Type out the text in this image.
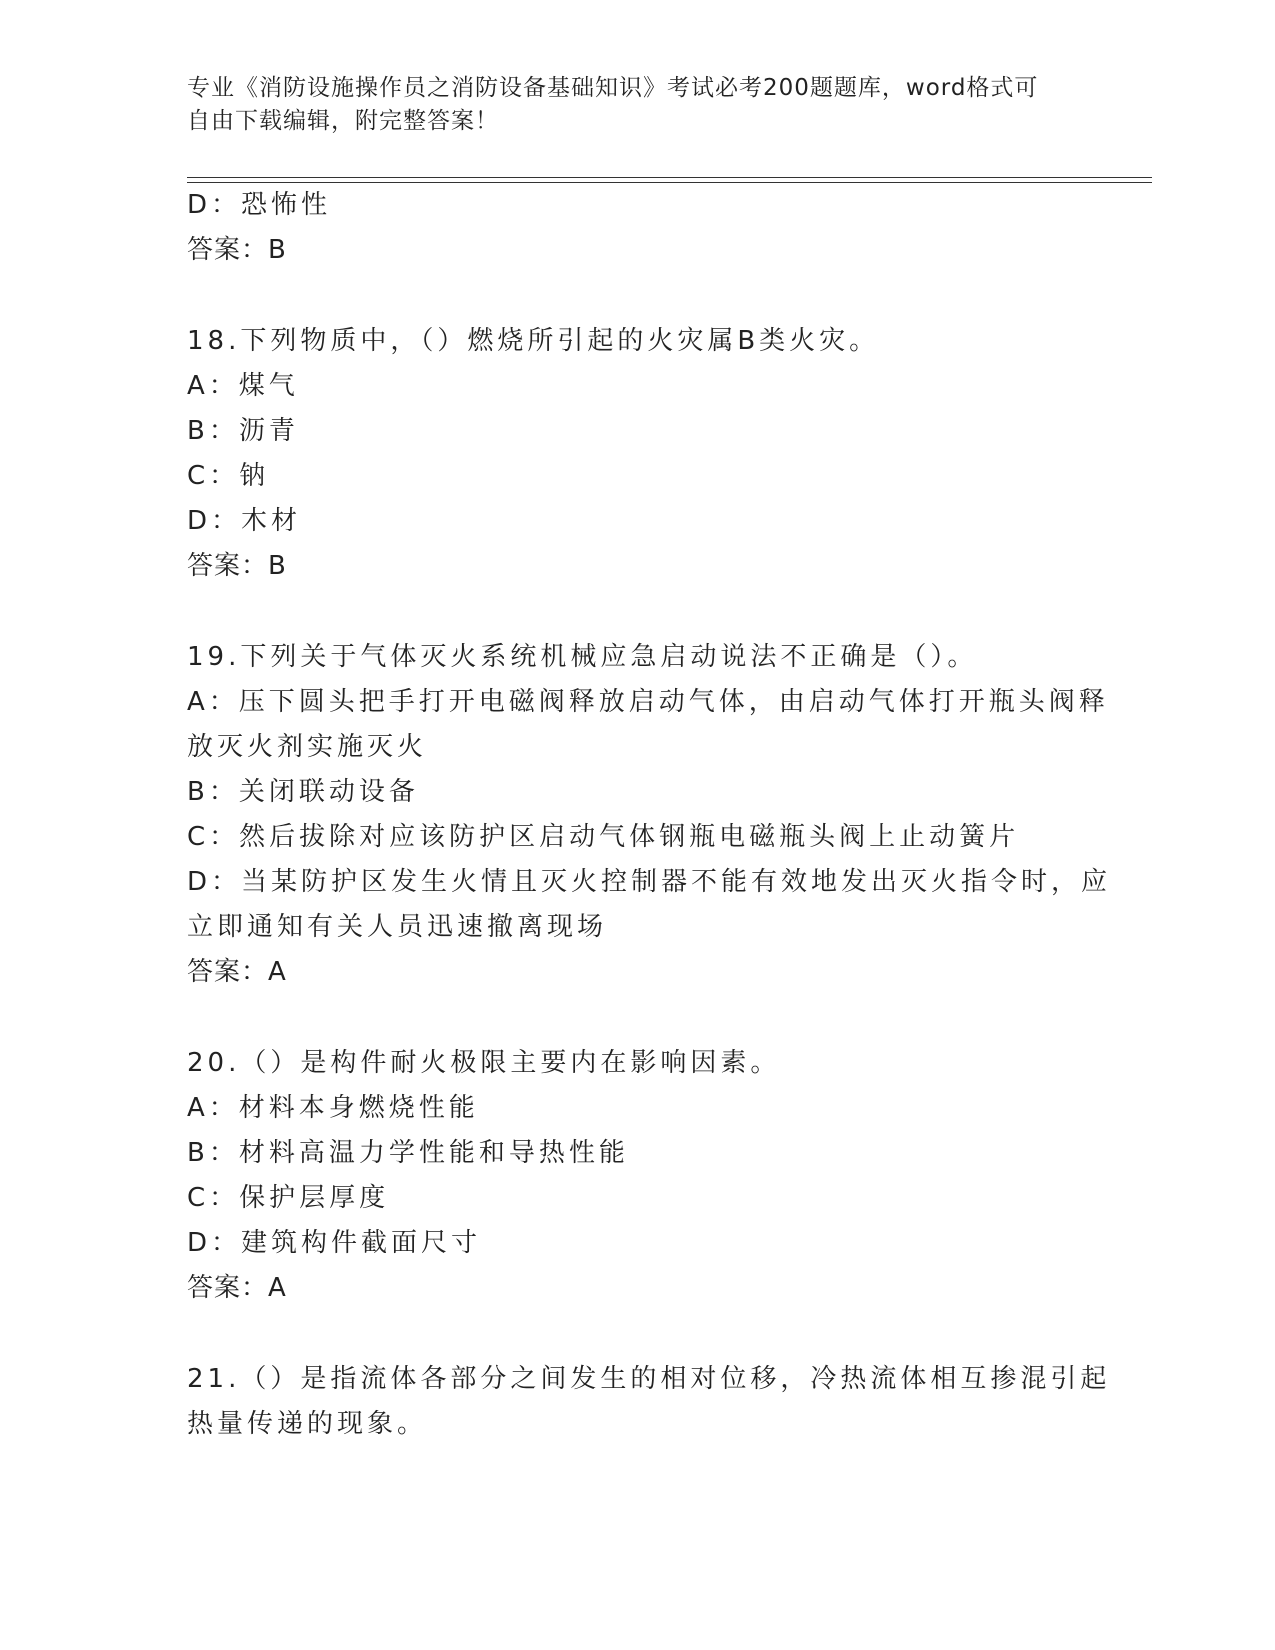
专业《消防设施操作员之消防设备基础知识》考试必考200题题库，word格式可
自由下载编辑，附完整答案！
D：恐怖性
答案：B
18.下列物质中，（）燃烧所引起的火灾属B类火灾。
A：煤气
B：沥青
C：钠
D：木材
答案：B
19.下列关于气体灭火系统机械应急启动说法不正确是（）。
A：压下圆头把手打开电磁阀释放启动气体，由启动气体打开瓶头阀释
放灭火剂实施灭火
B：关闭联动设备
C：然后拔除对应该防护区启动气体钢瓶电磁瓶头阀上止动簧片
D：当某防护区发生火情且灭火控制器不能有效地发出灭火指令时，应
立即通知有关人员迅速撤离现场
答案：A
20.（）是构件耐火极限主要内在影响因素。
A：材料本身燃烧性能
B：材料高温力学性能和导热性能
C：保护层厚度
D：建筑构件截面尺寸
答案：A
21.（）是指流体各部分之间发生的相对位移，冷热流体相互掺混引起
热量传递的现象。
